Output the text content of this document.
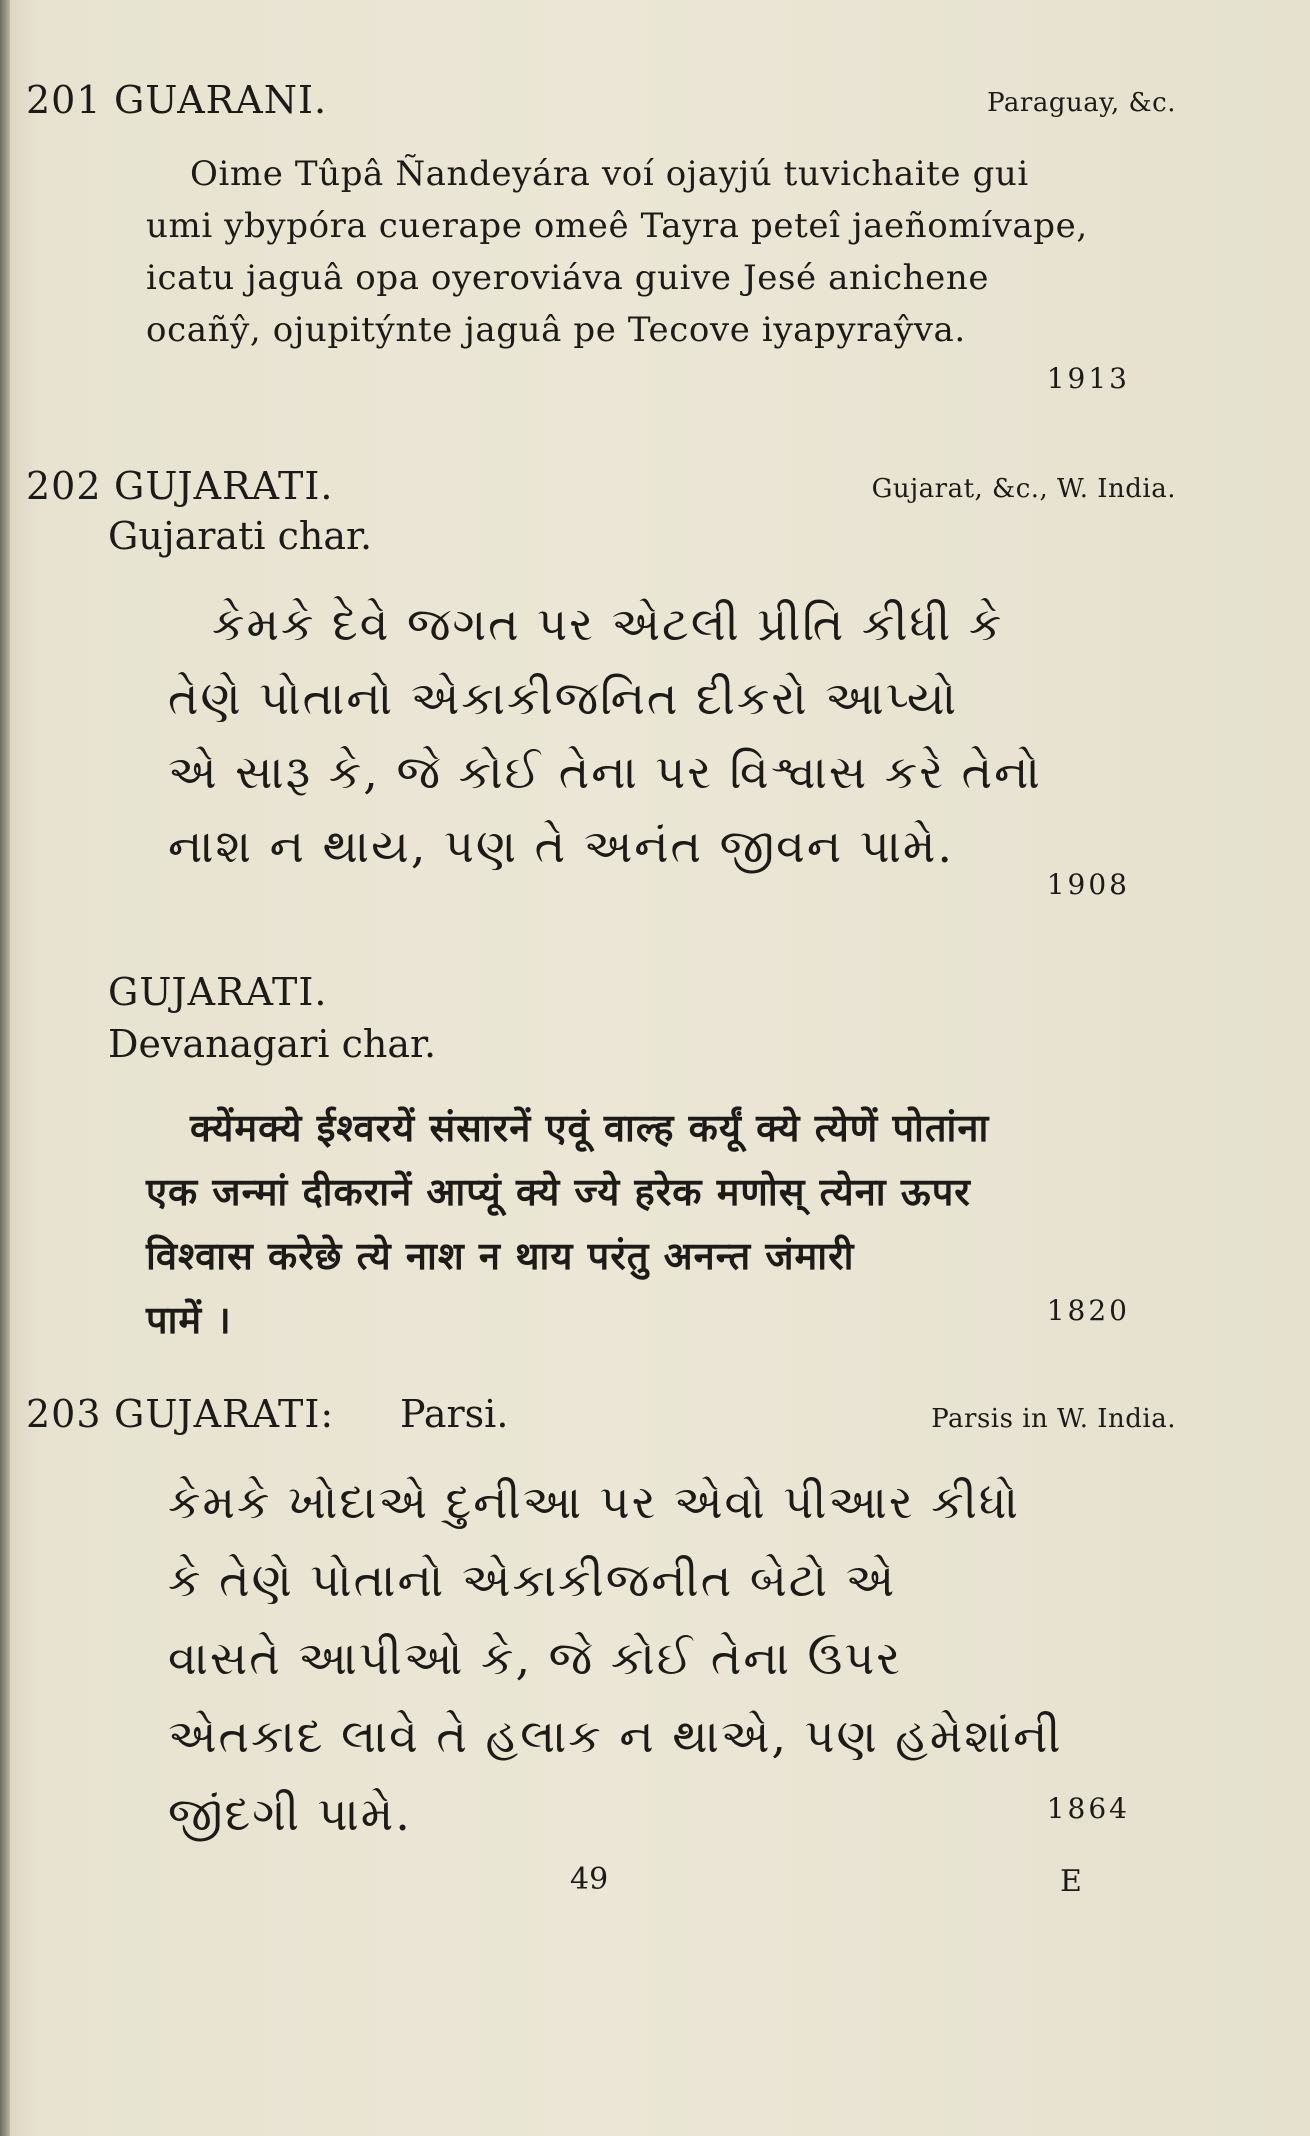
201 GUARANI.	Paraguay, &c.
Oime Tûpâ Ñandeyára voí ojayjú tuvichaite gui
umi ybypóra cuerape omeê Tayra peteî jaeñomívape,
icatu jaguâ opa oyeroviáva guive Jesé anichene
ocañŷ, ojupitýnte jaguâ pe Tecove iyapyraŷva.
1913
202 GUJARATI.	Gujarat, &c., W. India.
Gujarati char.
કેમકે દેવે જગત પર એટલી પ્રીતિ કીધી કે
તેણે પોતાનો એકાકીજનિત દીકરો આપ્યો
એ સારૂ કે, જે કોઈ તેના પર વિશ્વાસ કરે તેનો
નાશ ન થાય, પણ તે અનંત જીવન પામે.
1908
GUJARATI.
Devanagari char.
क्येंमक्ये ईश्वरयें संसारनें एवूं वाल्ह कर्यूं क्ये त्येणें पोतांना
एक जन्मां दीकरानें आप्यूं क्ये ज्ये हरेक मणोस् त्येना ऊपर
विश्वास करेछे त्ये नाश न थाय परंतु अनन्त जंमारी
पामें ।	1820
203 GUJARATI: Parsi.	Parsis in W. India.
કેમકે ખોદાએ દુનીઆ પર એવો પીઆર કીધો
કે તેણે પોતાનો એકાકીજનીત બેટો એ
વાસતે આપીઓ કે, જે કોઈ તેના ઉપર
એતકાદ લાવે તે હલાક ન થાએ, પણ હમેશાંની
જીંદગી પામે.	1864
49	E
